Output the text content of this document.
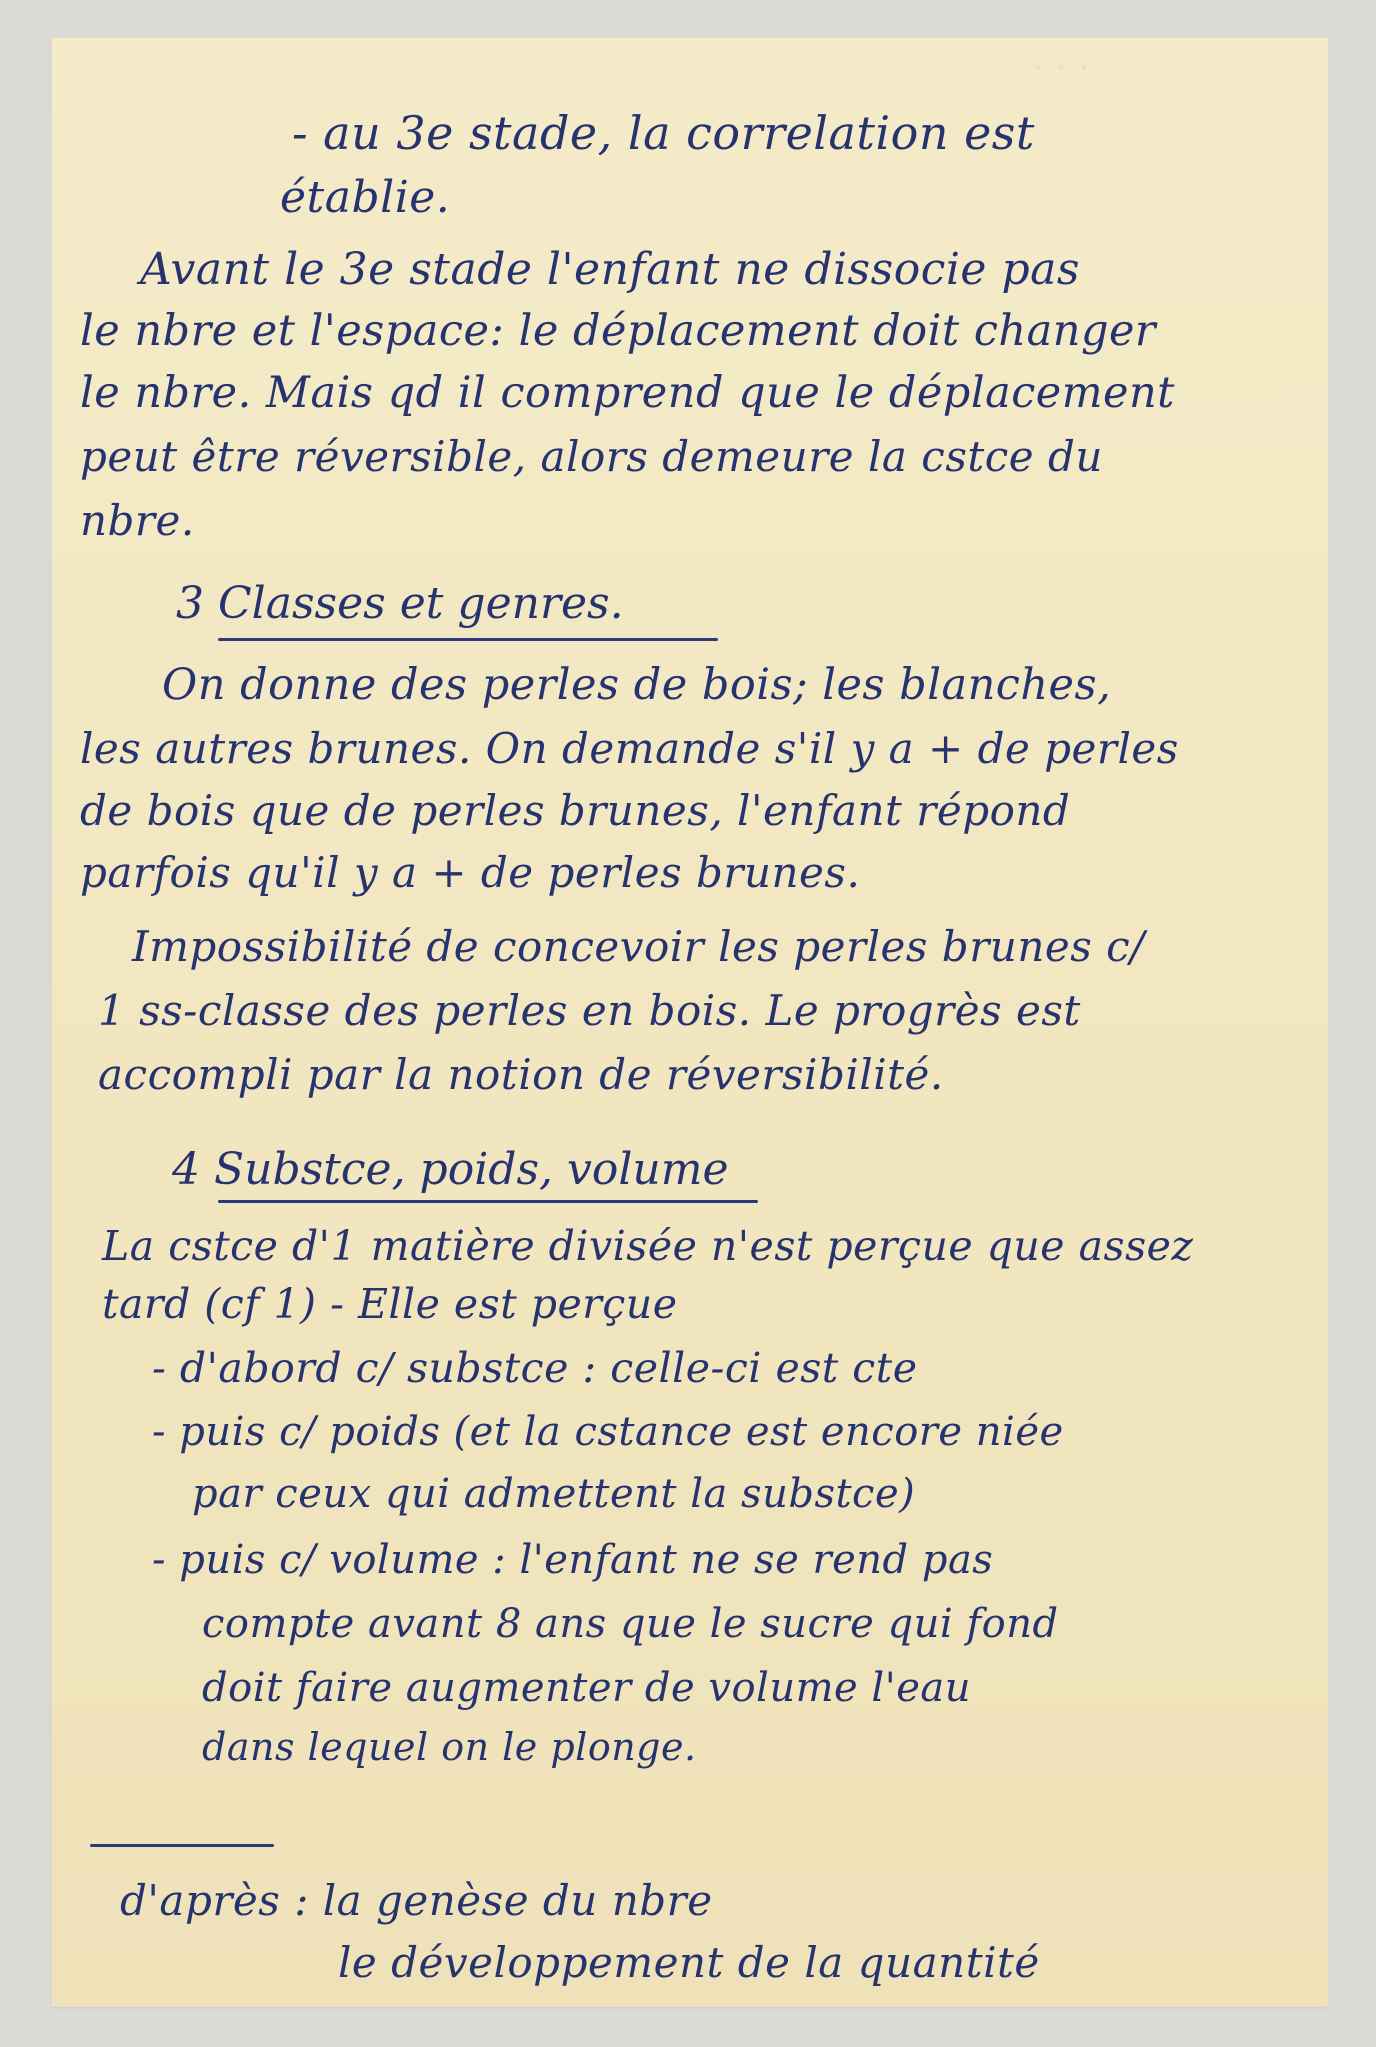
· · ·
- au 3e stade, la correlation est
établie.
Avant le 3e stade l'enfant ne dissocie pas
le nbre et l'espace: le déplacement doit changer
le nbre. Mais qd il comprend que le déplacement
peut être réversible, alors demeure la cstce du
nbre.
3 Classes et genres.
On donne des perles de bois; les blanches,
les autres brunes. On demande s'il y a + de perles
de bois que de perles brunes, l'enfant répond
parfois qu'il y a + de perles brunes.
Impossibilité de concevoir les perles brunes c/
1 ss-classe des perles en bois. Le progrès est
accompli par la notion de réversibilité.
4 Substce, poids, volume
La cstce d'1 matière divisée n'est perçue que assez
tard (cf 1) - Elle est perçue
- d'abord c/ substce : celle-ci est cte
- puis c/ poids (et la cstance est encore niée
par ceux qui admettent la substce)
- puis c/ volume : l'enfant ne se rend pas
compte avant 8 ans que le sucre qui fond
doit faire augmenter de volume l'eau
dans lequel on le plonge.
d'après : la genèse du nbre
le développement de la quantité
